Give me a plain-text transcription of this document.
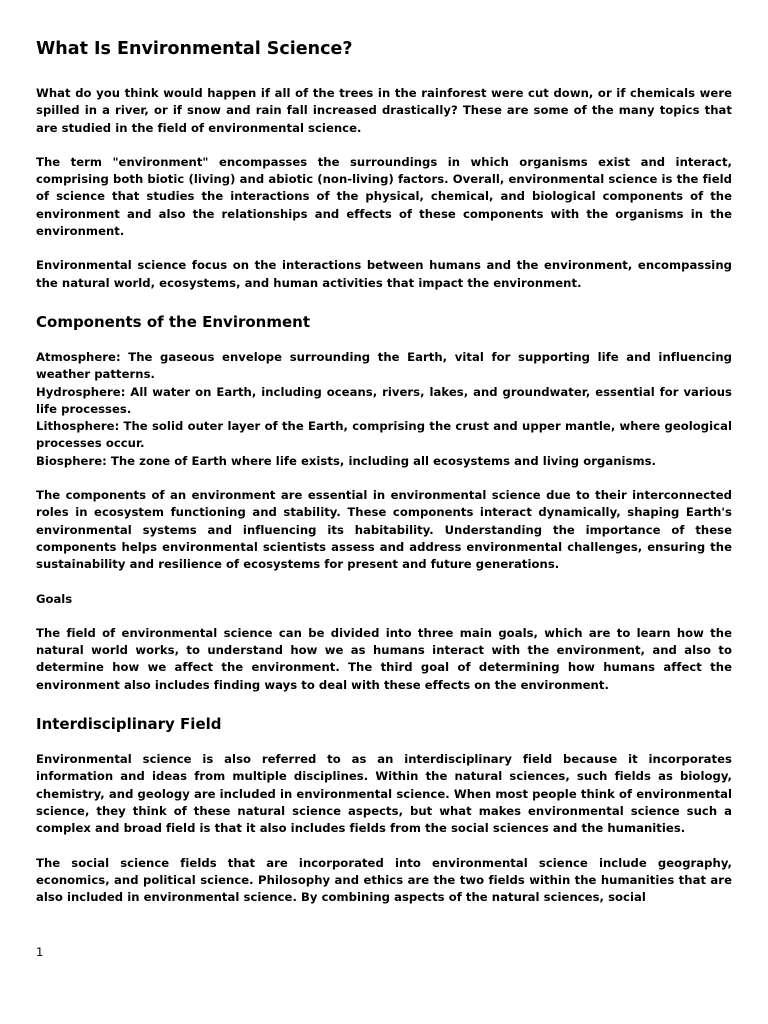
What Is Environmental Science?

What do you think would happen if all of the trees in the rainforest were cut down, or if chemicals were spilled in a river, or if snow and rain fall increased drastically? These are some of the many topics that are studied in the field of environmental science.

The term "environment" encompasses the surroundings in which organisms exist and interact, comprising both biotic (living) and abiotic (non-living) factors. Overall, environmental science is the field of science that studies the interactions of the physical, chemical, and biological components of the environment and also the relationships and effects of these components with the organisms in the environment.

Environmental science focus on the interactions between humans and the environment, encompassing the natural world, ecosystems, and human activities that impact the environment.

Components of the Environment

Atmosphere: The gaseous envelope surrounding the Earth, vital for supporting life and influencing weather patterns.

Hydrosphere: All water on Earth, including oceans, rivers, lakes, and groundwater, essential for various life processes.

Lithosphere: The solid outer layer of the Earth, comprising the crust and upper mantle, where geological processes occur.

Biosphere: The zone of Earth where life exists, including all ecosystems and living organisms.

The components of an environment are essential in environmental science due to their interconnected roles in ecosystem functioning and stability. These components interact dynamically, shaping Earth's environmental systems and influencing its habitability. Understanding the importance of these components helps environmental scientists assess and address environmental challenges, ensuring the sustainability and resilience of ecosystems for present and future generations.

Goals

The field of environmental science can be divided into three main goals, which are to learn how the natural world works, to understand how we as humans interact with the environment, and also to determine how we affect the environment. The third goal of determining how humans affect the environment also includes finding ways to deal with these effects on the environment.

Interdisciplinary Field

Environmental science is also referred to as an interdisciplinary field because it incorporates information and ideas from multiple disciplines. Within the natural sciences, such fields as biology, chemistry, and geology are included in environmental science. When most people think of environmental science, they think of these natural science aspects, but what makes environmental science such a complex and broad field is that it also includes fields from the social sciences and the humanities.

The social science fields that are incorporated into environmental science include geography, economics, and political science. Philosophy and ethics are the two fields within the humanities that are also included in environmental science. By combining aspects of the natural sciences, social

1
